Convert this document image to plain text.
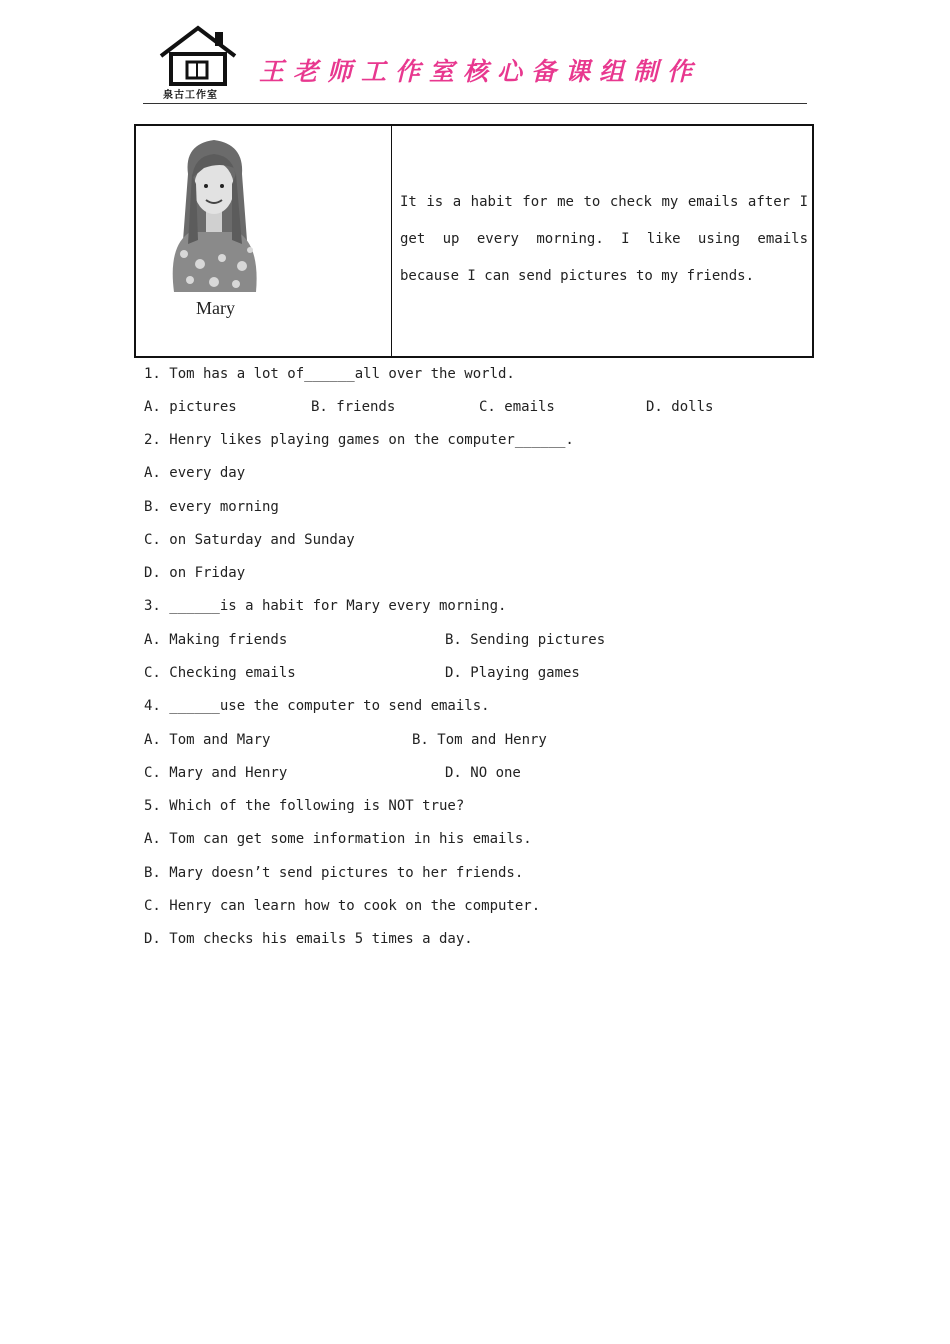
泉古工作室
王老师工作室核心备课组制作
Mary
It is a habit for me to check my emails after I get up every morning. I like using emails because I can send pictures to my friends.
1. Tom has a lot of______all over the world.
A. pictures	B. friends	C. emails	D. dolls
2. Henry likes playing games on the computer______.
A. every day
B. every morning
C. on Saturday and Sunday
D. on Friday
3. ______is a habit for Mary every morning.
A. Making friends	B. Sending pictures
C. Checking emails	D. Playing games
4. ______use the computer to send emails.
A. Tom and Mary	B. Tom and Henry
C. Mary and Henry	D. NO one
5. Which of the following is NOT true?
A. Tom can get some information in his emails.
B. Mary doesn’t send pictures to her friends.
C. Henry can learn how to cook on the computer.
D. Tom checks his emails 5 times a day.
